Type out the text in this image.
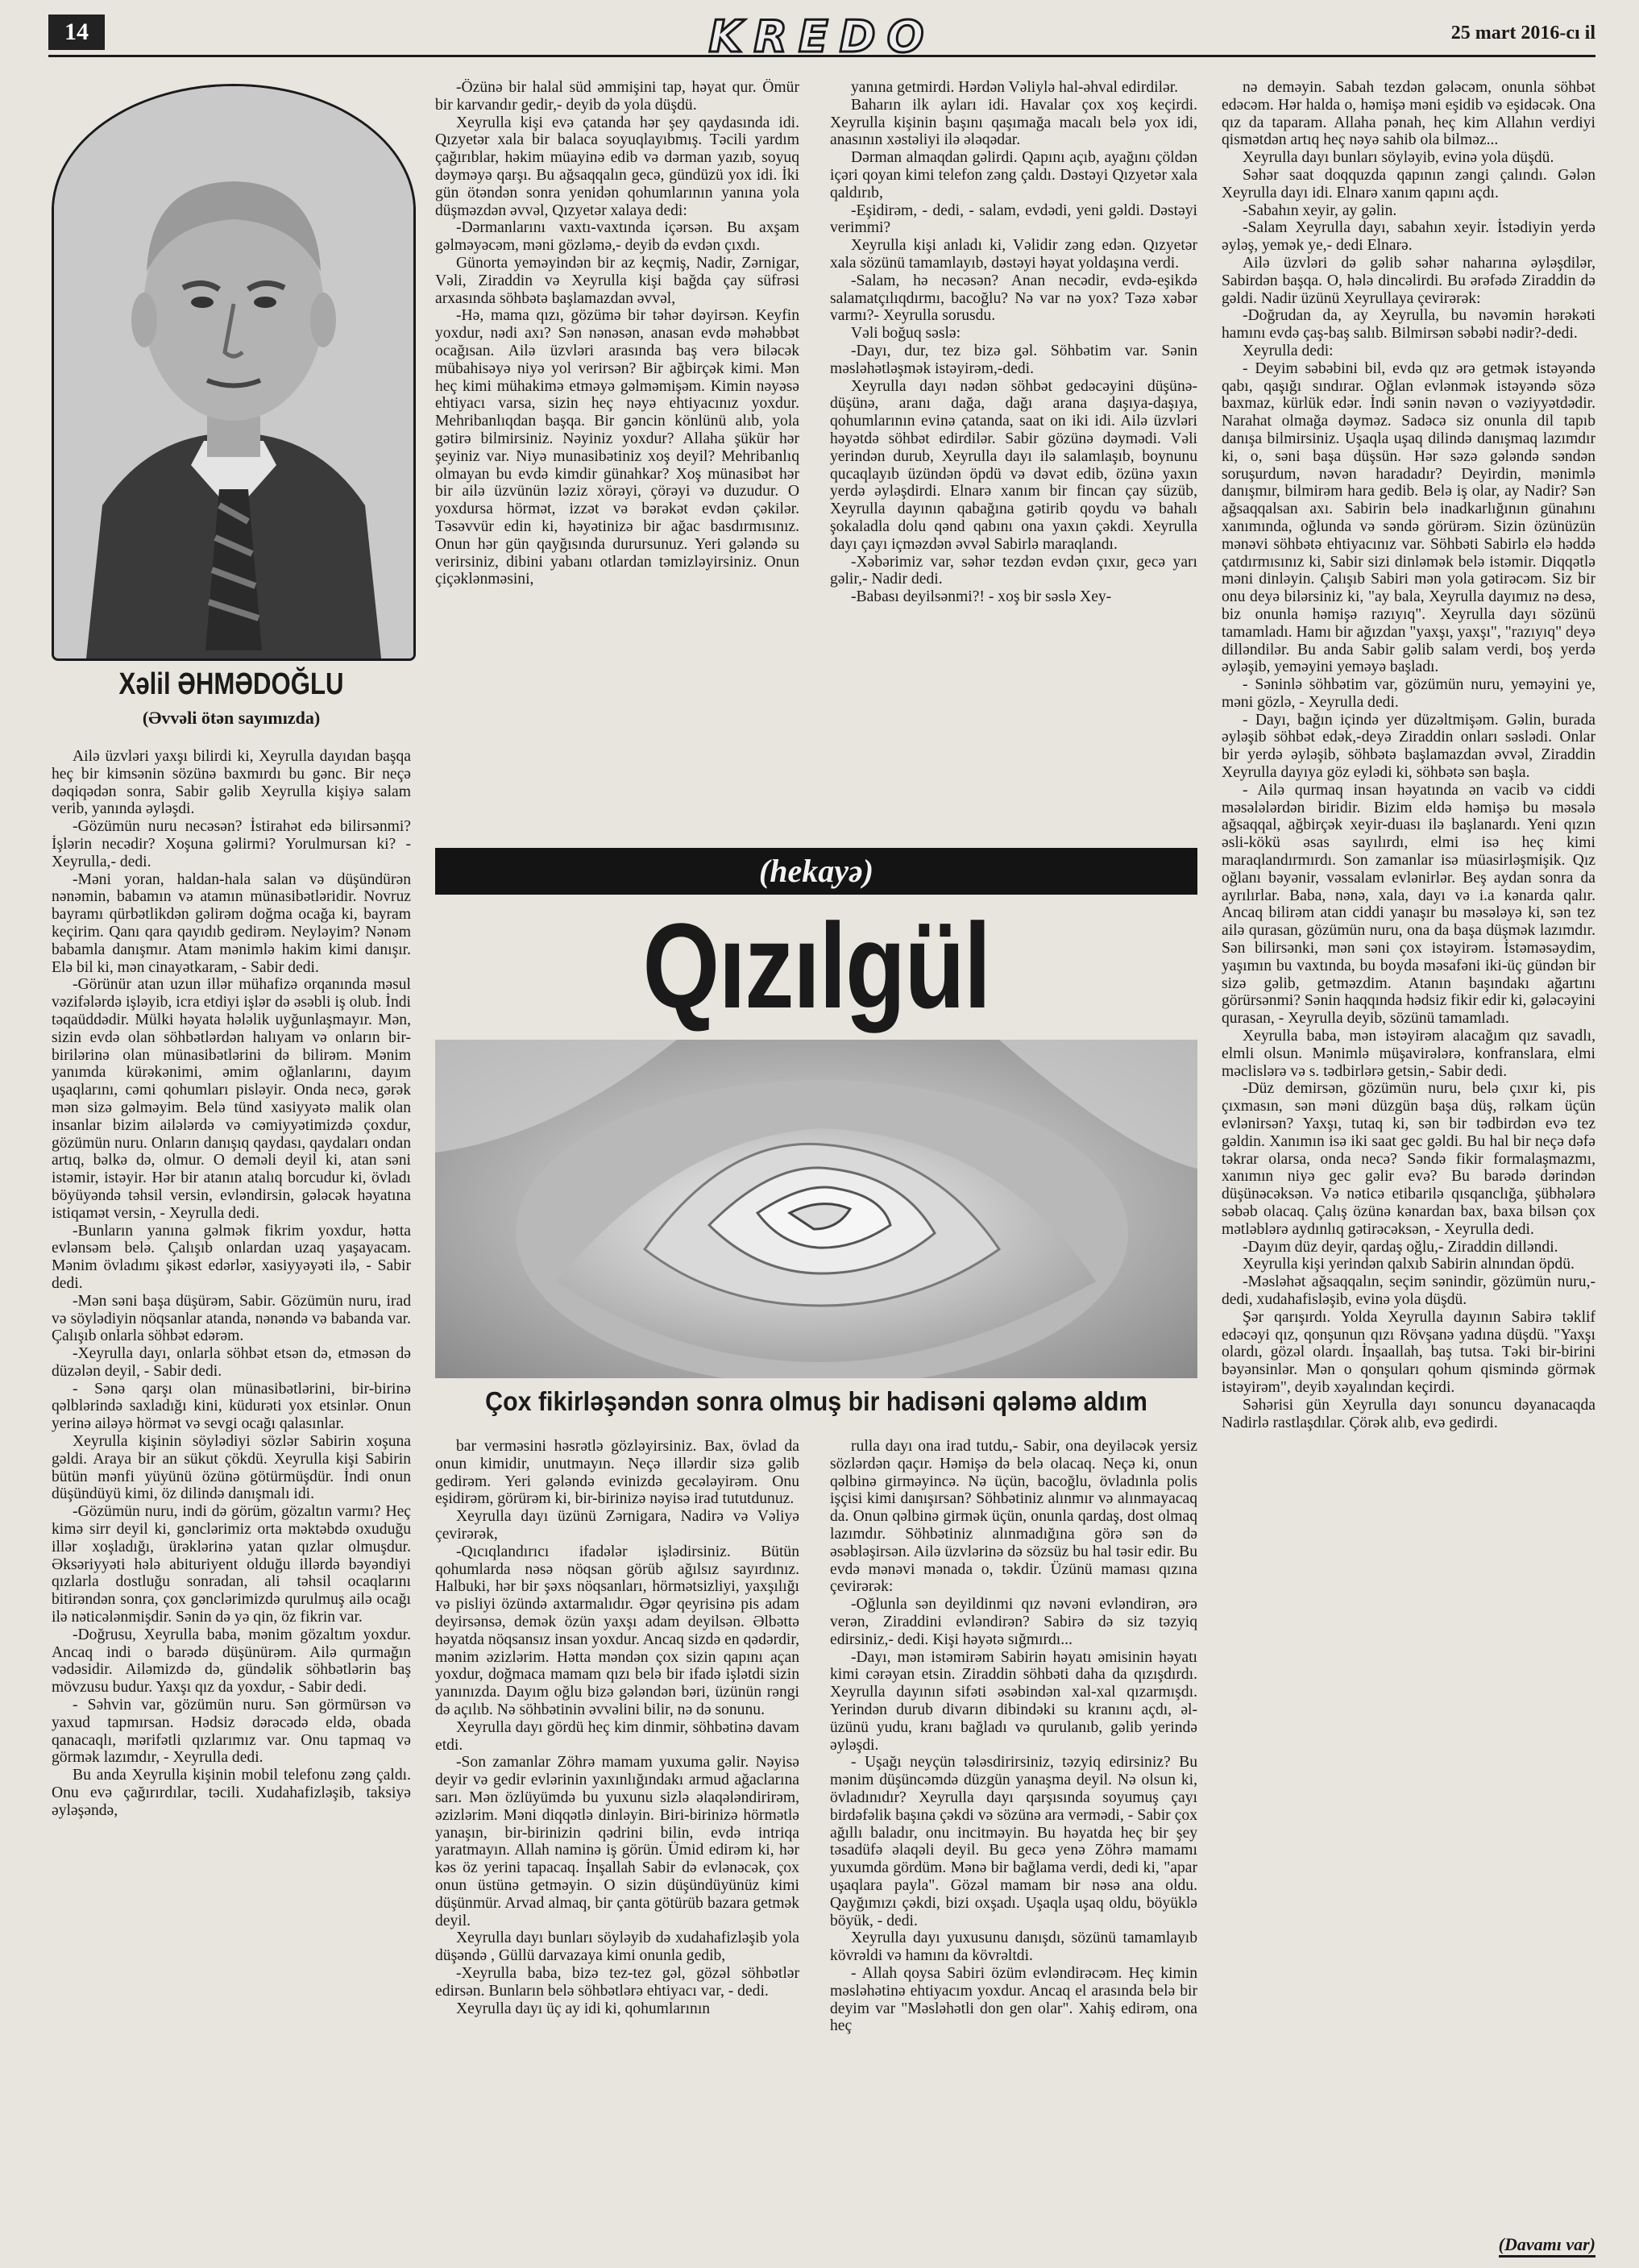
14	KREDO	25 mart 2016-cı il
Xəlil ƏHMƏDOĞLU
(Əvvəli ötən sayımızda)

Ailə üzvləri yaxşı bilirdi ki, Xeyrulla dayıdan başqa heç bir kimsənin sözünə baxmırdı bu gənc. Bir neçə dəqiqədən sonra, Sabir gəlib Xeyrulla kişiyə salam verib, yanında əyləşdi.

-Gözümün nuru necəsən? İstirahət edə bilirsənmi? İşlərin necədir? Xoşuna gəlirmi? Yorulmursan ki? - Xeyrulla,- dedi.

-Məni yoran, haldan-hala salan və düşündürən nənəmin, babamın və atamın münasibətləridir. Novruz bayramı qürbətlikdən gəlirəm doğma ocağa ki, bayram keçirim. Qanı qara qayıdıb gedirəm. Neyləyim? Nənəm babamla danışmır. Atam mənimlə hakim kimi danışır. Elə bil ki, mən cinayətkaram, - Sabir dedi.

-Görünür atan uzun illər mühafizə orqanında məsul vəzifələrdə işləyib, icra etdiyi işlər də əsəbli iş olub. İndi təqaüddədir. Mülki həyata hələlik uyğunlaşmayır. Mən, sizin evdə olan söhbətlərdən halıyam və onların bir-birilərinə olan münasibətlərini də bilirəm. Mənim yanımda kürəkənimi, əmim oğlanlarını, dayım uşaqlarını, cəmi qohumları pisləyir. Onda necə, gərək mən sizə gəlməyim. Belə tünd xasiyyətə malik olan insanlar bizim ailələrdə və cəmiyyətimizdə çoxdur, gözümün nuru. Onların danışıq qaydası, qaydaları ondan artıq, bəlkə də, olmur. O deməli deyil ki, atan səni istəmir, istəyir. Hər bir atanın atalıq borcudur ki, övladı böyüyəndə təhsil versin, evləndirsin, gələcək həyatına istiqamət versin, - Xeyrulla dedi.

-Bunların yanına gəlmək fikrim yoxdur, hətta evlənsəm belə. Çalışıb onlardan uzaq yaşayacam. Mənim övladımı şikəst edərlər, xasiyyəyəti ilə, - Sabir dedi.

-Mən səni başa düşürəm, Sabir. Gözümün nuru, irad və söylədiyin nöqsanlar atanda, nənəndə və babanda var. Çalışıb onlarla söhbət edərəm.

-Xeyrulla dayı, onlarla söhbət etsən də, etməsən də düzələn deyil, - Sabir dedi.

- Sənə qarşı olan münasibətlərini, bir-birinə qəlblərində saxladığı kini, küdurəti yox etsinlər. Onun yerinə ailəyə hörmət və sevgi ocağı qalasınlar.

Xeyrulla kişinin söylədiyi sözlər Sabirin xoşuna gəldi. Araya bir an sükut çökdü. Xeyrulla kişi Sabirin bütün mənfi yüyünü özünə götürmüşdür. İndi onun düşündüyü kimi, öz dilində danışmalı idi.

-Gözümün nuru, indi də görüm, gözaltın varmı? Heç kimə sirr deyil ki, gənclərimiz orta məktəbdə oxuduğu illər xoşladığı, ürəklərinə yatan qızlar olmuşdur. Əksəriyyəti hələ abituriyent olduğu illərdə bəyəndiyi qızlarla dostluğu sonradan, ali təhsil ocaqlarını bitirəndən sonra, çox gənclərimizdə qurulmuş ailə ocağı ilə nəticələnmişdir. Sənin də yə qin, öz fikrin var.

-Doğrusu, Xeyrulla baba, mənim gözaltım yoxdur. Ancaq indi o barədə düşünürəm. Ailə qurmağın vədəsidir. Ailəmizdə də, gündəlik söhbətlərin baş mövzusu budur. Yaxşı qız da yoxdur, - Sabir dedi.

- Səhvin var, gözümün nuru. Sən görmürsən və yaxud tapmırsan. Hədsiz dərəcədə eldə, obada qanacaqlı, mərifətli qızlarımız var. Onu tapmaq və görmək lazımdır, - Xeyrulla dedi.

Bu anda Xeyrulla kişinin mobil telefonu zəng çaldı. Onu evə çağırırdılar, təcili. Xudahafizləşib, taksiyə əyləşəndə,

-Özünə bir halal süd əmmişini tap, həyat qur. Ömür bir karvandır gedir,- deyib də yola düşdü.

Xeyrulla kişi evə çatanda hər şey qaydasında idi. Qızyetər xala bir balaca soyuqlayıbmış. Təcili yardım çağırıblar, həkim müayinə edib və dərman yazıb, soyuq dəyməyə qarşı. Bu ağsaqqalın gecə, gündüzü yox idi. İki gün ötəndən sonra yenidən qohumlarının yanına yola düşməzdən əvvəl, Qızyetər xalaya dedi:

-Dərmanlarını vaxtı-vaxtında içərsən. Bu axşam gəlməyəcəm, məni gözləmə,- deyib də evdən çıxdı.

Günorta yeməyindən bir az keçmiş, Nadir, Zərnigar, Vəli, Ziraddin və Xeyrulla kişi bağda çay süfrəsi arxasında söhbətə başlamazdan əvvəl,

-Hə, mama qızı, gözümə bir təhər dəyirsən. Keyfin yoxdur, nədi axı? Sən nənəsən, anasan evdə məhəbbət ocağısan. Ailə üzvləri arasında baş verə biləcək mübahisəyə niyə yol verirsən? Bir ağbirçək kimi. Mən heç kimi mühakimə etməyə gəlməmişəm. Kimin nəyəsə ehtiyacı varsa, sizin heç nəyə ehtiyacınız yoxdur. Mehribanlıqdan başqa. Bir gəncin könlünü alıb, yola gətirə bilmirsiniz. Nəyiniz yoxdur? Allaha şükür hər şeyiniz var. Niyə munasibətiniz xoş deyil? Mehribanlıq olmayan bu evdə kimdir günahkar? Xoş münasibət hər bir ailə üzvünün ləziz xörəyi, çörəyi və duzudur. O yoxdursa hörmət, izzət və bərəkət evdən çəkilər. Təsəvvür edin ki, həyətinizə bir ağac basdırmısınız. Onun hər gün qayğısında durursunuz. Yeri gələndə su verirsiniz, dibini yabanı otlardan təmizləyirsiniz. Onun çiçəklənməsini,

yanına getmirdi. Hərdən Vəliylə hal-əhval edirdilər.

Baharın ilk ayları idi. Havalar çox xoş keçirdi. Xeyrulla kişinin başını qaşımağa macalı belə yox idi, anasının xəstəliyi ilə ələqədar.

Dərman almaqdan gəlirdi. Qapını açıb, ayağını çöldən içəri qoyan kimi telefon zəng çaldı. Dəstəyi Qızyetər xala qaldırıb,

-Eşidirəm, - dedi, - salam, evdədi, yeni gəldi. Dəstəyi verimmi?

Xeyrulla kişi anladı ki, Vəlidir zəng edən. Qızyetər xala sözünü tamamlayıb, dəstəyi həyat yoldaşına verdi.

-Salam, hə necəsən? Anan necədir, evdə-eşikdə salamatçılıqdırmı, bacoğlu? Nə var nə yox? Təzə xəbər varmı?- Xeyrulla sorusdu.

Vəli boğuq səslə:

-Dayı, dur, tez bizə gəl. Söhbətim var. Sənin məsləhətləşmək istəyirəm,-dedi.

Xeyrulla dayı nədən söhbət gedəcəyini düşünə-düşünə, aranı dağa, dağı arana daşıya-daşıya, qohumlarının evinə çatanda, saat on iki idi. Ailə üzvləri həyətdə söhbət edirdilər. Sabir gözünə dəymədi. Vəli yerindən durub, Xeyrulla dayı ilə salamlaşıb, boynunu qucaqlayıb üzündən öpdü və dəvət edib, özünə yaxın yerdə əyləşdirdi. Elnarə xanım bir fincan çay süzüb, Xeyrulla dayının qabağına gətirib qoydu və bahalı şokaladla dolu qənd qabını ona yaxın çəkdi. Xeyrulla dayı çayı içməzdən əvvəl Sabirlə maraqlandı.

-Xəbərimiz var, səhər tezdən evdən çıxır, gecə yarı gəlir,- Nadir dedi.

-Babası deyilsənmi?! - xoş bir səslə Xey-

nə deməyin. Sabah tezdən gələcəm, onunla söhbət edəcəm. Hər halda o, həmişə məni eşidib və eşidəcək. Ona qız da taparam. Allaha pənah, heç kim Allahın verdiyi qismətdən artıq heç nəyə sahib ola bilməz...

Xeyrulla dayı bunları söyləyib, evinə yola düşdü.

Səhər saat doqquzda qapının zəngi çalındı. Gələn Xeyrulla dayı idi. Elnarə xanım qapını açdı.

-Sabahın xeyir, ay gəlin.

-Salam Xeyrulla dayı, sabahın xeyir. İstədiyin yerdə əyləş, yemək ye,- dedi Elnarə.

Ailə üzvləri də gəlib səhər naharına əyləşdilər, Sabirdən başqa. O, hələ dincəlirdi. Bu ərəfədə Ziraddin də gəldi. Nadir üzünü Xeyrullaya çevirərək:

-Doğrudan da, ay Xeyrulla, bu nəvəmin hərəkəti hamını evdə çaş-baş salıb. Bilmirsən səbəbi nədir?-dedi.

Xeyrulla dedi:

- Deyim səbəbini bil, evdə qız ərə getmək istəyəndə qabı, qaşığı sındırar. Oğlan evlənmək istəyəndə sözə baxmaz, kürlük edər. İndi sənin nəvən o vəziyyətdədir. Narahat olmağa dəyməz. Sadəcə siz onunla dil tapıb danışa bilmirsiniz. Uşaqla uşaq dilində danışmaq lazımdır ki, o, səni başa düşsün. Hər səzə gələndə səndən soruşurdum, nəvən haradadır? Deyirdin, mənimlə danışmır, bilmirəm hara gedib. Belə iş olar, ay Nadir? Sən ağsaqqalsan axı. Sabirin belə inadkarlığının günahını xanımında, oğlunda və səndə görürəm. Sizin özünüzün mənəvi söhbətə ehtiyacınız var. Söhbəti Sabirlə elə həddə çatdırmısınız ki, Sabir sizi dinləmək belə istəmir. Diqqətlə məni dinləyin. Çalışıb Sabiri mən yola gətirəcəm. Siz bir onu deyə bilərsiniz ki, "ay bala, Xeyrulla dayımız nə desə, biz onunla həmişə razıyıq". Xeyrulla dayı sözünü tamamladı. Hamı bir ağızdan "yaxşı, yaxşı", "razıyıq" deyə dilləndilər. Bu anda Sabir gəlib salam verdi, boş yerdə əyləşib, yeməyini yeməyə başladı.

- Səninlə söhbətim var, gözümün nuru, yeməyini ye, məni gözlə, - Xeyrulla dedi.

- Dayı, bağın içində yer düzəltmişəm. Gəlin, burada əyləşib söhbət edək,-deyə Ziraddin onları səslədi. Onlar bir yerdə əyləşib, söhbətə başlamazdan əvvəl, Ziraddin Xeyrulla dayıya göz eylədi ki, söhbətə sən başla.

- Ailə qurmaq insan həyatında ən vacib və ciddi məsələlərdən biridir. Bizim eldə həmişə bu məsələ ağsaqqal, ağbirçək xeyir-duası ilə başlanardı. Yeni qızın əsli-kökü əsas sayılırdı, elmi isə heç kimi maraqlandırmırdı. Son zamanlar isə müasirləşmişik. Qız oğlanı bəyənir, vəssalam evlənirlər. Beş aydan sonra da ayrılırlar. Baba, nənə, xala, dayı və i.a kənarda qalır. Ancaq bilirəm atan ciddi yanaşır bu məsələyə ki, sən tez ailə qurasan, gözümün nuru, ona da başa düşmək lazımdır. Sən bilirsənki, mən səni çox istəyirəm. İstəməsəydim, yaşımın bu vaxtında, bu boyda məsafəni iki-üç gündən bir sizə gəlib, getməzdim. Atanın başındakı ağartını görürsənmi? Sənin haqqında hədsiz fikir edir ki, gələcəyini qurasan, - Xeyrulla deyib, sözünü tamamladı.

Xeyrulla baba, mən istəyirəm alacağım qız savadlı, elmli olsun. Mənimlə müşavirələrə, konfranslara, elmi məclislərə və s. tədbirlərə getsin,- Sabir dedi.

-Düz demirsən, gözümün nuru, belə çıxır ki, pis çıxmasın, sən məni düzgün başa düş, rəlkam üçün evlənirsən? Yaxşı, tutaq ki, sən bir tədbirdən evə tez gəldin. Xanımın isə iki saat gec gəldi. Bu hal bir neçə dəfə təkrar olarsa, onda necə? Səndə fikir formalaşmazmı, xanımın niyə gec gəlir evə? Bu barədə dərindən düşünəcəksən. Və nəticə etibarilə qısqanclığa, şübhələrə səbəb olacaq. Çalış özünə kənardan bax, baxa bilsən çox mətləblərə aydınlıq gətirəcəksən, - Xeyrulla dedi.

-Dayım düz deyir, qardaş oğlu,- Ziraddin dilləndi.

Xeyrulla kişi yerindən qalxıb Sabirin alnından öpdü.

-Məsləhət ağsaqqalın, seçim sənindir, gözümün nuru,- dedi, xudahafisləşib, evinə yola düşdü.

Şər qarışırdı. Yolda Xeyrulla dayının Sabirə təklif edəcəyi qız, qonşunun qızı Rövşanə yadına düşdü. "Yaxşı olardı, gözəl olardı. İnşaallah, baş tutsa. Təki bir-birini bəyənsinlər. Mən o qonşuları qohum qismində görmək istəyirəm", deyib xəyalından keçirdi.

Səhərisi gün Xeyrulla dayı sonuncu dəyanacaqda Nadirlə rastlaşdılar. Çörək alıb, evə gedirdi.

(hekayə)
Qızılgül
Çox fikirləşəndən sonra olmuş bir hadisəni qələmə aldım

bar verməsini həsrətlə gözləyirsiniz. Bax, övlad da onun kimidir, unutmayın. Neçə illərdir sizə gəlib gedirəm. Yeri gələndə evinizdə gecələyirəm. Onu eşidirəm, görürəm ki, bir-birinizə nəyisə irad tututdunuz.

Xeyrulla dayı üzünü Zərnigara, Nadirə və Vəliyə çevirərək,

-Qıcıqlandırıcı ifadələr işlədirsiniz. Bütün qohumlarda nəsə nöqsan görüb ağılsız sayırdınız. Halbuki, hər bir şəxs nöqsanları, hörmətsizliyi, yaxşılığı və pisliyi özündə axtarmalıdır. Əgər qeyrisinə pis adam deyirsənsə, demək özün yaxşı adam deyilsən. Əlbəttə həyatda nöqsansız insan yoxdur. Ancaq sizdə en qədərdir, mənim əzizlərim. Hətta məndən çox sizin qapını açan yoxdur, doğmaca mamam qızı belə bir ifadə işlətdi sizin yanınızda. Dayım oğlu bizə gələndən bəri, üzünün rəngi də açılıb. Nə söhbətinin əvvəlini bilir, nə də sonunu.

Xeyrulla dayı gördü heç kim dinmir, söhbətinə davam etdi.

-Son zamanlar Zöhrə mamam yuxuma gəlir. Nəyisə deyir və gedir evlərinin yaxınlığındakı armud ağaclarına sarı. Mən özlüyümdə bu yuxunu sizlə əlaqələndirirəm, əzizlərim. Məni diqqətlə dinləyin. Biri-birinizə hörmətlə yanaşın, bir-birinizin qədrini bilin, evdə intriqa yaratmayın. Allah naminə iş görün. Ümid edirəm ki, hər kəs öz yerini tapacaq. İnşallah Sabir də evlənəcək, çox onun üstünə getməyin. O sizin düşündüyünüz kimi düşünmür. Arvad almaq, bir çanta götürüb bazara getmək deyil.

Xeyrulla dayı bunları söyləyib də xudahafizləşib yola düşəndə , Güllü darvazaya kimi onunla gedib,

-Xeyrulla baba, bizə tez-tez gəl, gözəl söhbətlər edirsən. Bunların belə söhbətlərə ehtiyacı var, - dedi.

Xeyrulla dayı üç ay idi ki, qohumlarının

rulla dayı ona irad tutdu,- Sabir, ona deyiləcək yersiz sözlərdən qaçır. Həmişə də belə olacaq. Neçə ki, onun qəlbinə girməyincə. Nə üçün, bacoğlu, övladınla polis işçisi kimi danışırsan? Söhbətiniz alınmır və alınmayacaq da. Onun qəlbinə girmək üçün, onunla qardaş, dost olmaq lazımdır. Söhbətiniz alınmadığına görə sən də əsəbləşirsən. Ailə üzvlərinə də sözsüz bu hal təsir edir. Bu evdə mənəvi mənada o, təkdir. Üzünü maması qızına çevirərək:

-Oğlunla sən deyildinmi qız nəvəni evləndirən, ərə verən, Ziraddini evləndirən? Sabirə də siz təzyiq edirsiniz,- dedi. Kişi həyətə sığmırdı...

-Dayı, mən istəmirəm Sabirin həyatı əmisinin həyatı kimi cərəyan etsin. Ziraddin söhbəti daha da qızışdırdı. Xeyrulla dayının sifəti əsəbindən xal-xal qızarmışdı. Yerindən durub divarın dibindəki su kranını açdı, əl-üzünü yudu, kranı bağladı və qurulanıb, gəlib yerində əyləşdi.

- Uşağı neyçün tələsdirirsiniz, təzyiq edirsiniz? Bu mənim düşüncəmdə düzgün yanaşma deyil. Nə olsun ki, övladınıdır? Xeyrulla dayı qarşısında soyumuş çayı birdəfəlik başına çəkdi və sözünə ara vermədi, - Sabir çox ağıllı baladır, onu incitməyin. Bu həyatda heç bir şey təsadüfə əlaqəli deyil. Bu gecə yenə Zöhrə mamamı yuxumda gördüm. Mənə bir bağlama verdi, dedi ki, "apar uşaqlara payla". Gözəl mamam bir nəsə ana oldu. Qayğımızı çəkdi, bizi oxşadı. Uşaqla uşaq oldu, böyüklə böyük, - dedi.

Xeyrulla dayı yuxusunu danışdı, sözünü tamamlayıb kövrəldi və hamını da kövrəltdi.

- Allah qoysa Sabiri özüm evləndirəcəm. Heç kimin məsləhətinə ehtiyacım yoxdur. Ancaq el arasında belə bir deyim var "Məsləhətli don gen olar". Xahiş edirəm, ona heç

(Davamı var)
